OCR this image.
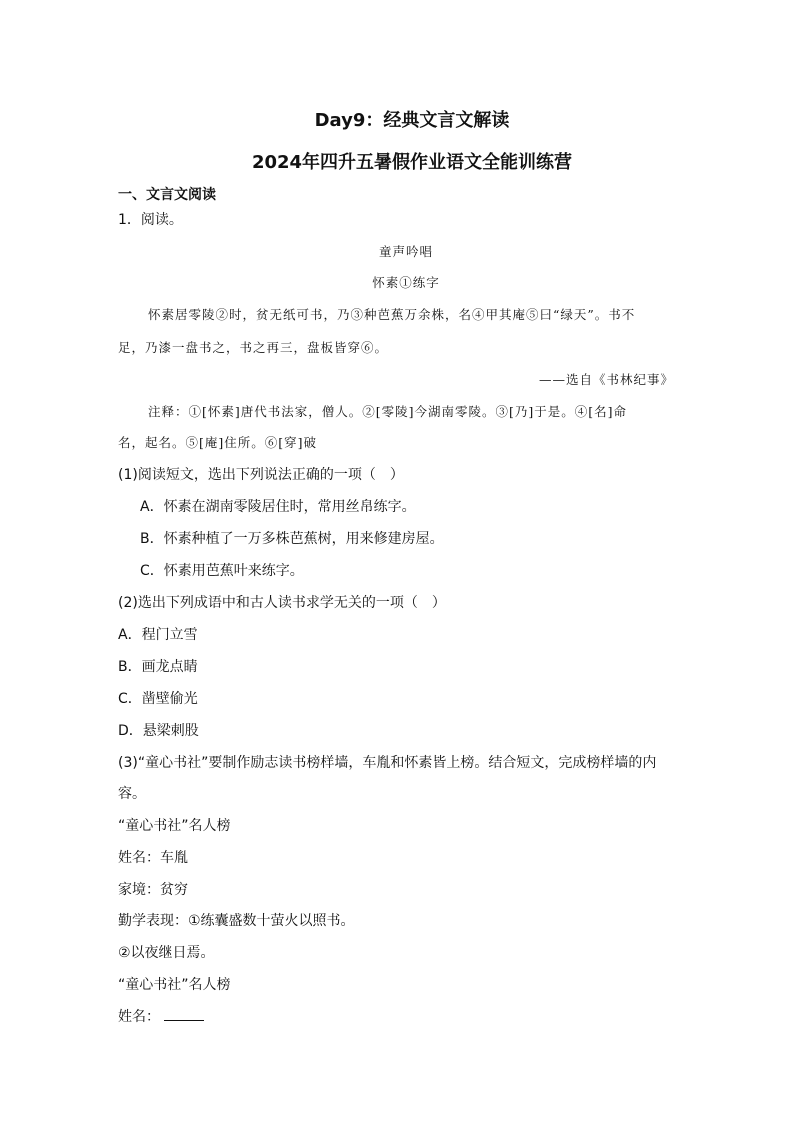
Day9：经典文言文解读
2024年四升五暑假作业语文全能训练营
一、文言文阅读
1．阅读。
童声吟唱
怀素①练字
怀素居零陵②时，贫无纸可书，乃③种芭蕉万余株，名④甲其庵⑤曰“绿天”。书不
足，乃漆一盘书之，书之再三，盘板皆穿⑥。
——选自《书林纪事》
注释：①[怀素]唐代书法家，僧人。②[零陵]今湖南零陵。③[乃]于是。④[名]命
名，起名。⑤[庵]住所。⑥[穿]破
(1)阅读短文，选出下列说法正确的一项（　）
A．怀素在湖南零陵居住时，常用丝帛练字。
B．怀素种植了一万多株芭蕉树，用来修建房屋。
C．怀素用芭蕉叶来练字。
(2)选出下列成语中和古人读书求学无关的一项（　）
A．程门立雪
B．画龙点睛
C．凿壁偷光
D．悬梁刺股
(3)“童心书社”要制作励志读书榜样墙，车胤和怀素皆上榜。结合短文，完成榜样墙的内
容。
“童心书社”名人榜
姓名：车胤
家境：贫穷
勤学表现：①练囊盛数十萤火以照书。
②以夜继日焉。
“童心书社”名人榜
姓名：
